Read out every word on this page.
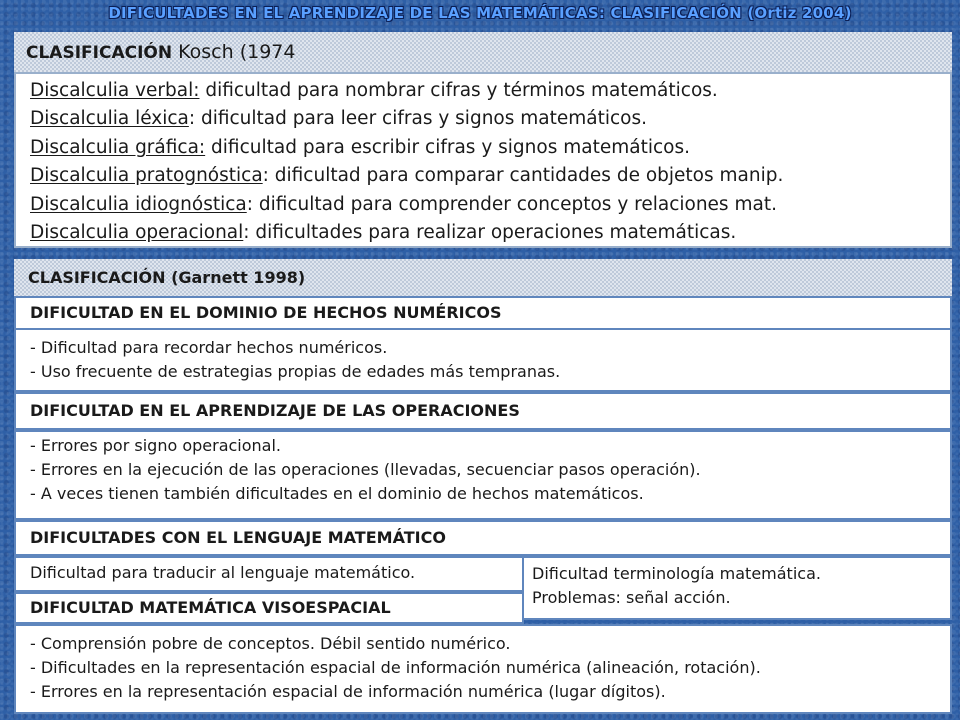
DIFICULTADES EN EL APRENDIZAJE DE LAS MATEMÁTICAS: CLASIFICACIÓN (Ortiz 2004)
CLASIFICACIÓN Kosch (1974
Discalculia verbal: dificultad para nombrar cifras y términos matemáticos.
Discalculia léxica: dificultad para leer cifras y signos matemáticos.
Discalculia gráfica: dificultad para escribir cifras y signos matemáticos.
Discalculia pratognóstica: dificultad para comparar cantidades de objetos manip.
Discalculia idiognóstica: dificultad para comprender conceptos y relaciones mat.
Discalculia operacional: dificultades para realizar operaciones matemáticas.
CLASIFICACIÓN (Garnett 1998)
DIFICULTAD EN EL DOMINIO DE HECHOS NUMÉRICOS
- Dificultad para recordar hechos numéricos.
- Uso frecuente de estrategias propias de edades más tempranas.
DIFICULTAD EN EL APRENDIZAJE DE LAS OPERACIONES
- Errores por signo operacional.
- Errores en la ejecución de las operaciones (llevadas, secuenciar pasos operación).
- A veces tienen también dificultades en el dominio de hechos matemáticos.
DIFICULTADES CON EL LENGUAJE MATEMÁTICO
Dificultad para traducir al lenguaje matemático.	Dificultad terminología matemática.
Problemas: señal acción.
DIFICULTAD MATEMÁTICA VISOESPACIAL
- Comprensión pobre de conceptos. Débil sentido numérico.
- Dificultades en la representación espacial de información numérica (alineación, rotación).
- Errores en la representación espacial de información numérica (lugar dígitos).
